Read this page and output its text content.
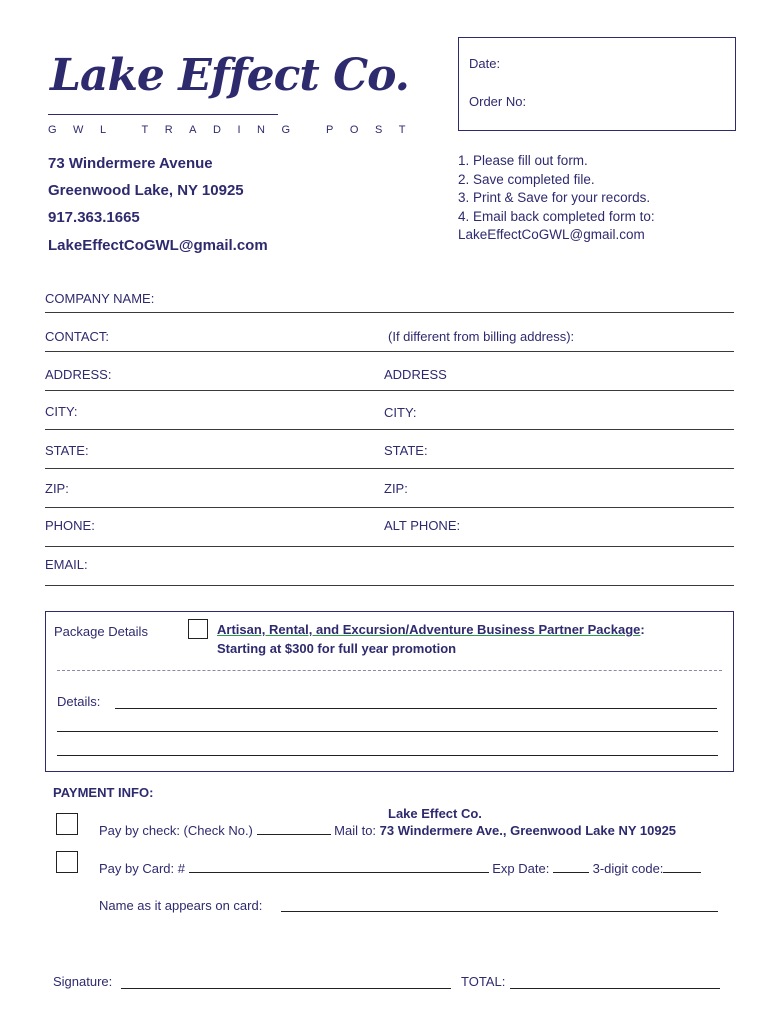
Lake Effect Co.
GWL TRADING POST
73 Windermere Avenue
Greenwood Lake, NY 10925
917.363.1665
LakeEffectCoGWL@gmail.com
Date:
Order No:
1. Please fill out form.
2. Save completed file.
3. Print & Save for your records.
4. Email back completed form to:
LakeEffectCoGWL@gmail.com
COMPANY NAME:
CONTACT:	(If different from billing address):
ADDRESS:	ADDRESS
CITY:	CITY:
STATE:	STATE:
ZIP:	ZIP:
PHONE:	ALT PHONE:
EMAIL:
Package Details	Artisan, Rental, and Excursion/Adventure Business Partner Package:
Starting at $300 for full year promotion
Details:
PAYMENT INFO:
Lake Effect Co.
Pay by check: (Check No.)	Mail to: 73 Windermere Ave., Greenwood Lake NY 10925
Pay by Card: #	Exp Date:	3-digit code:
Name as it appears on card:
Signature:	TOTAL:
